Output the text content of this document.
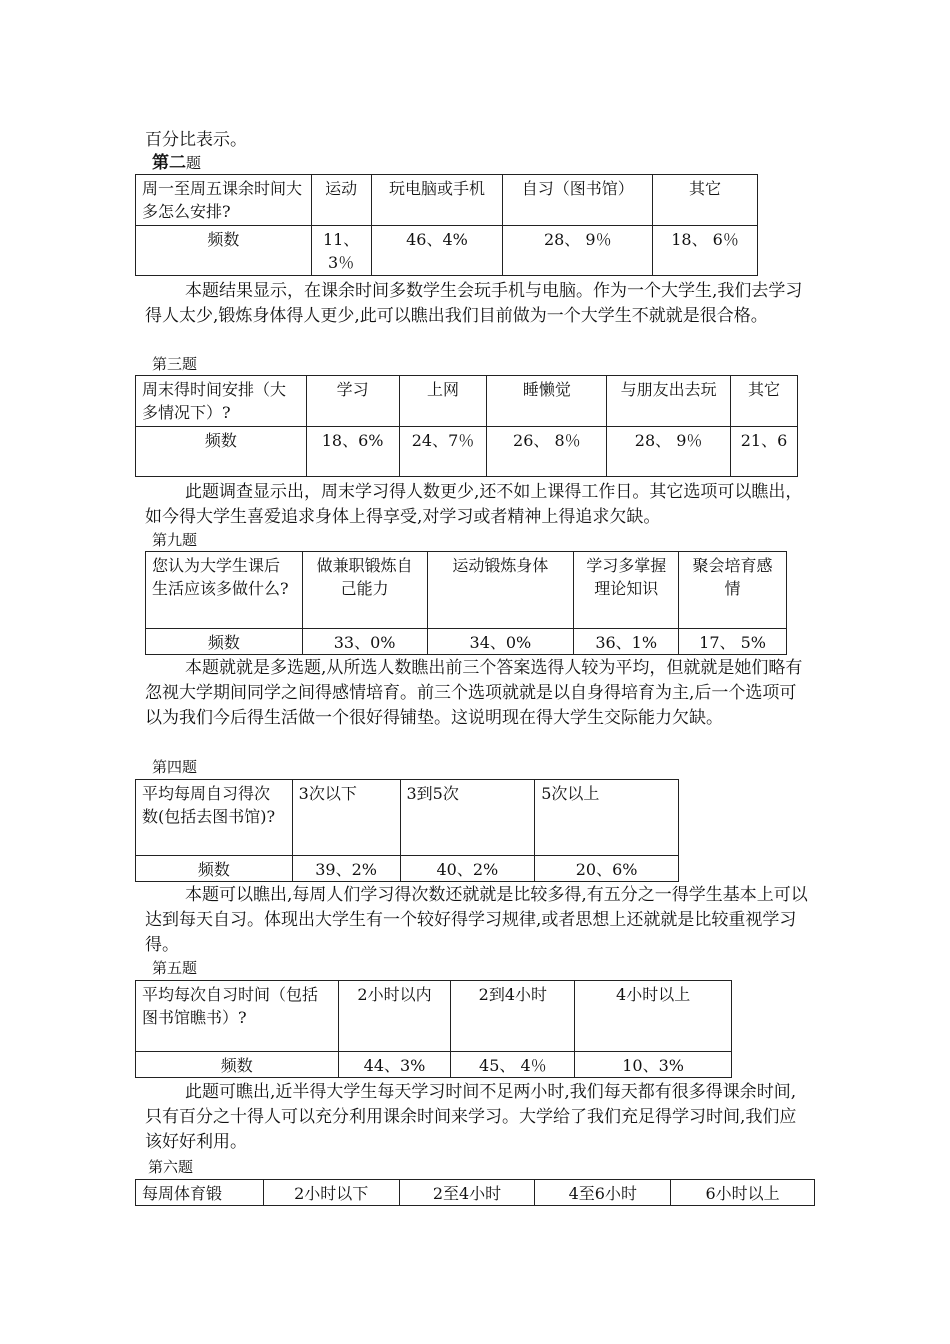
百分比表示。
第二题
周一至周五课余时间大多怎么安排?	运动	玩电脑或手机	自习（图书馆）	其它
频数	11、3％	46、4%	28、 9％	18、 6％
本题结果显示，在课余时间多数学生会玩手机与电脑。作为一个大学生,我们去学习得人太少,锻炼身体得人更少,此可以瞧出我们目前做为一个大学生不就就是很合格。
第三题
周末得时间安排（大多情况下）?	学习	上网	睡懒觉	与朋友出去玩	其它
频数	18、6%	24、7％	26、 8％	28、 9％	21、6
此题调查显示出，周末学习得人数更少,还不如上课得工作日。其它选项可以瞧出，如今得大学生喜爱追求身体上得享受,对学习或者精神上得追求欠缺。
第九题
您认为大学生课后生活应该多做什么?	做兼职锻炼自己能力	运动锻炼身体	学习多掌握理论知识	聚会培育感情
频数	33、0%	34、0%	36、1%	17、 5%
本题就就是多选题,从所选人数瞧出前三个答案选得人较为平均，但就就是她们略有忽视大学期间同学之间得感情培育。前三个选项就就是以自身得培育为主,后一个选项可以为我们今后得生活做一个很好得铺垫。这说明现在得大学生交际能力欠缺。
第四题
平均每周自习得次数(包括去图书馆)?	3次以下	3到5次	5次以上
频数	39、2%	40、2%	20、6%
本题可以瞧出,每周人们学习得次数还就就是比较多得,有五分之一得学生基本上可以达到每天自习。体现出大学生有一个较好得学习规律,或者思想上还就就是比较重视学习得。
第五题
平均每次自习时间（包括图书馆瞧书）?	2小时以内	2到4小时	4小时以上
频数	44、3%	45、 4％	10、3%
此题可瞧出,近半得大学生每天学习时间不足两小时,我们每天都有很多得课余时间, 只有百分之十得人可以充分利用课余时间来学习。大学给了我们充足得学习时间,我们应该好好利用。
第六题
每周体育锻	2小时以下	2至4小时	4至6小时	6小时以上
